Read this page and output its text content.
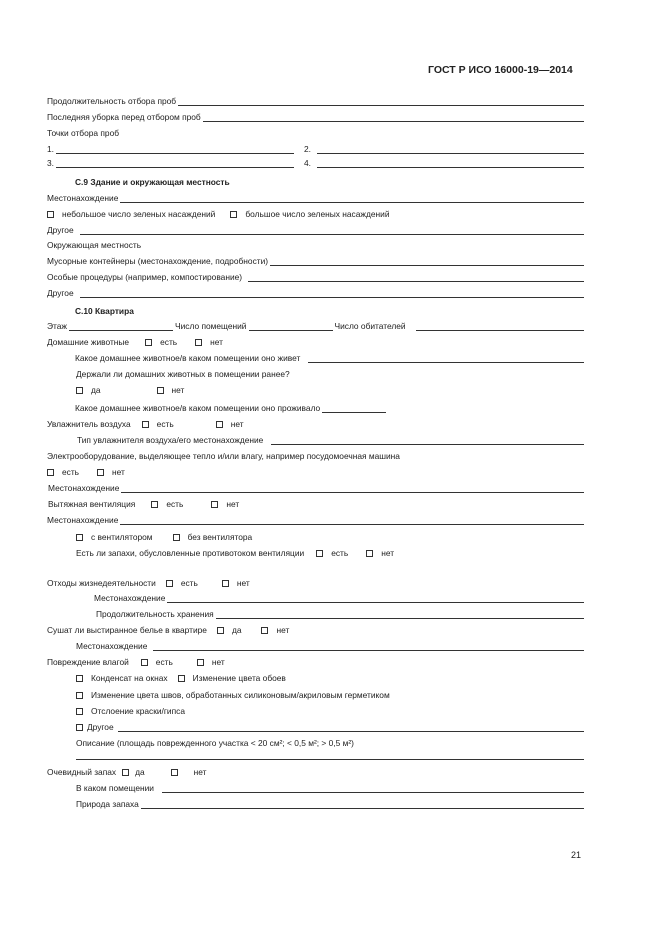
ГОСТ Р ИСО 16000-19—2014
Продолжительность отбора проб
Последняя уборка перед отбором проб
Точки отбора проб
1.	2.
3.	4.
С.9 Здание и окружающая местность
Местонахождение
небольшое число зеленых насаждений	большое число зеленых насаждений
Другое
Окружающая местность
Мусорные контейнеры (местонахождение, подробности)
Особые процедуры (например, компостирование)
Другое
С.10 Квартира
Этаж	Число помещений	Число обитателей
Домашние животные	есть	нет
Какое домашнее животное/в каком помещении оно живет
Держали ли домашних животных в помещении ранее?
да	нет
Какое домашнее животное/в каком помещении оно проживало
Увлажнитель воздуха	есть	нет
Тип увлажнителя воздуха/его местонахождение
Электрооборудование, выделяющее тепло и/или влагу, например посудомоечная машина
есть	нет
Местонахождение
Вытяжная вентиляция	есть	нет
Местонахождение
с вентилятором	без вентилятора
Есть ли запахи, обусловленные противотоком вентиляции	есть	нет
Отходы жизнедеятельности	есть	нет
Местонахождение
Продолжительность хранения
Сушат ли выстиранное белье в квартире	да	нет
Местонахождение
Повреждение влагой	есть	нет
Конденсат на окнах	Изменение цвета обоев
Изменение цвета швов, обработанных силиконовым/акриловым герметиком
Отслоение краски/гипса
Другое
Описание (площадь поврежденного участка < 20 см²; < 0,5 м²; > 0,5 м²)
Очевидный запах да	нет
В каком помещении
Природа запаха
21
